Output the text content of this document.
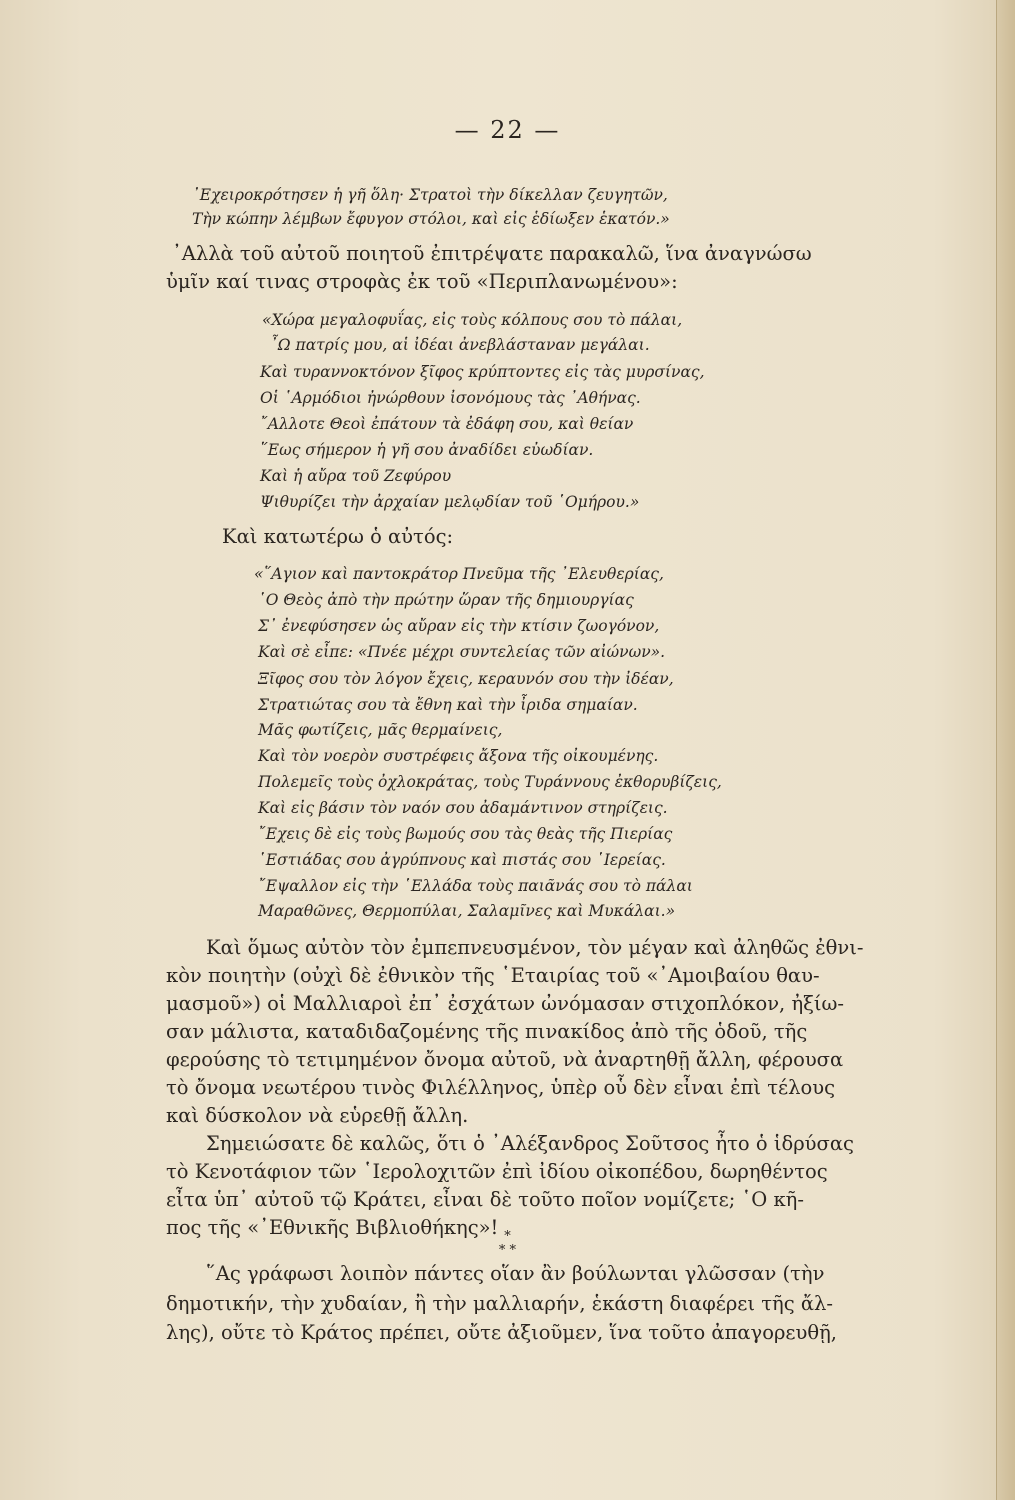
— 22 —
᾽Εχειροκρότησεν ἡ γῆ ὅλη· Στρατοὶ τὴν δίκελλαν ζευγητῶν,
Τὴν κώπην λέμβων ἔφυγον στόλοι, καὶ εἰς ἑδίωξεν ἑκατόν.»
᾽Αλλὰ τοῦ αὐτοῦ ποιητοῦ ἐπιτρέψατε παρακαλῶ, ἵνα ἀναγνώσω
ὑμῖν καί τινας στροφὰς ἐκ τοῦ «Περιπλανωμένου»:
«Χώρα μεγαλοφυΐας, εἰς τοὺς κόλπους σου τὸ πάλαι,
῏Ω πατρίς μου, αἱ ἰδέαι ἀνεβλάσταναν μεγάλαι.
Καὶ τυραννοκτόνον ξῖφος κρύπτοντες εἰς τὰς μυρσίνας,
Οἱ ῾Αρμόδιοι ἠνώρθουν ἰσονόμους τὰς ᾽Αθήνας.
῎Αλλοτε Θεοὶ ἐπάτουν τὰ ἐδάφη σου, καὶ θείαν
῞Εως σήμερον ἡ γῆ σου ἀναδίδει εὐωδίαν.
Καὶ ἡ αὔρα τοῦ Ζεφύρου
Ψιθυρίζει τὴν ἀρχαίαν μελῳδίαν τοῦ ῾Ομήρου.»
Καὶ κατωτέρω ὁ αὐτός:
«῞Αγιον καὶ παντοκράτορ Πνεῦμα τῆς ᾽Ελευθερίας,
῾Ο Θεὸς ἀπὸ τὴν πρώτην ὥραν τῆς δημιουργίας
Σ᾽ ἐνεφύσησεν ὡς αὔραν εἰς τὴν κτίσιν ζωογόνον,
Καὶ σὲ εἶπε: «Πνέε μέχρι συντελείας τῶν αἰώνων».
Ξῖφος σου τὸν λόγον ἔχεις, κεραυνόν σου τὴν ἰδέαν,
Στρατιώτας σου τὰ ἔθνη καὶ τὴν ἶριδα σημαίαν.
Μᾶς φωτίζεις, μᾶς θερμαίνεις,
Καὶ τὸν νοερὸν συστρέφεις ἄξονα τῆς οἰκουμένης.
Πολεμεῖς τοὺς ὀχλοκράτας, τοὺς Τυράννους ἐκθορυβίζεις,
Καὶ εἰς βάσιν τὸν ναόν σου ἀδαμάντινον στηρίζεις.
῎Εχεις δὲ εἰς τοὺς βωμούς σου τὰς θεὰς τῆς Πιερίας
῾Εστιάδας σου ἀγρύπνους καὶ πιστάς σου ῾Ιερείας.
῎Εψαλλον εἰς τὴν ῾Ελλάδα τοὺς παιᾶνάς σου τὸ πάλαι
Μαραθῶνες, Θερμοπύλαι, Σαλαμῖνες καὶ Μυκάλαι.»
Καὶ ὅμως αὐτὸν τὸν ἐμπεπνευσμένον, τὸν μέγαν καὶ ἀληθῶς ἐθνι-
κὸν ποιητὴν (οὐχὶ δὲ ἐθνικὸν τῆς ῾Εταιρίας τοῦ «᾽Αμοιβαίου θαυ-
μασμοῦ») οἱ Μαλλιαροὶ ἐπ᾽ ἐσχάτων ὠνόμασαν στιχοπλόκον, ἠξίω-
σαν μάλιστα, καταδιδαζομένης τῆς πινακίδος ἀπὸ τῆς ὁδοῦ, τῆς
φερούσης τὸ τετιμημένον ὄνομα αὐτοῦ, νὰ ἀναρτηθῇ ἄλλη, φέρουσα
τὸ ὄνομα νεωτέρου τινὸς Φιλέλληνος, ὑπὲρ οὗ δὲν εἶναι ἐπὶ τέλους
καὶ δύσκολον νὰ εὑρεθῇ ἄλλη.
Σημειώσατε δὲ καλῶς, ὅτι ὁ ᾽Αλέξανδρος Σοῦτσος ἦτο ὁ ἱδρύσας
τὸ Κενοτάφιον τῶν ῾Ιερολοχιτῶν ἐπὶ ἰδίου οἰκοπέδου, δωρηθέντος
εἶτα ὑπ᾽ αὐτοῦ τῷ Κράτει, εἶναι δὲ τοῦτο ποῖον νομίζετε; ῾Ο κῆ-
πος τῆς «᾽Εθνικῆς Βιβλιοθήκης»! *
* *
῞Ας γράφωσι λοιπὸν πάντες οἵαν ἂν βούλωνται γλῶσσαν (τὴν
δημοτικήν, τὴν χυδαίαν, ἢ τὴν μαλλιαρήν, ἑκάστη διαφέρει τῆς ἄλ-
λης), οὔτε τὸ Κράτος πρέπει, οὔτε ἀξιοῦμεν, ἵνα τοῦτο ἀπαγορευθῇ,
